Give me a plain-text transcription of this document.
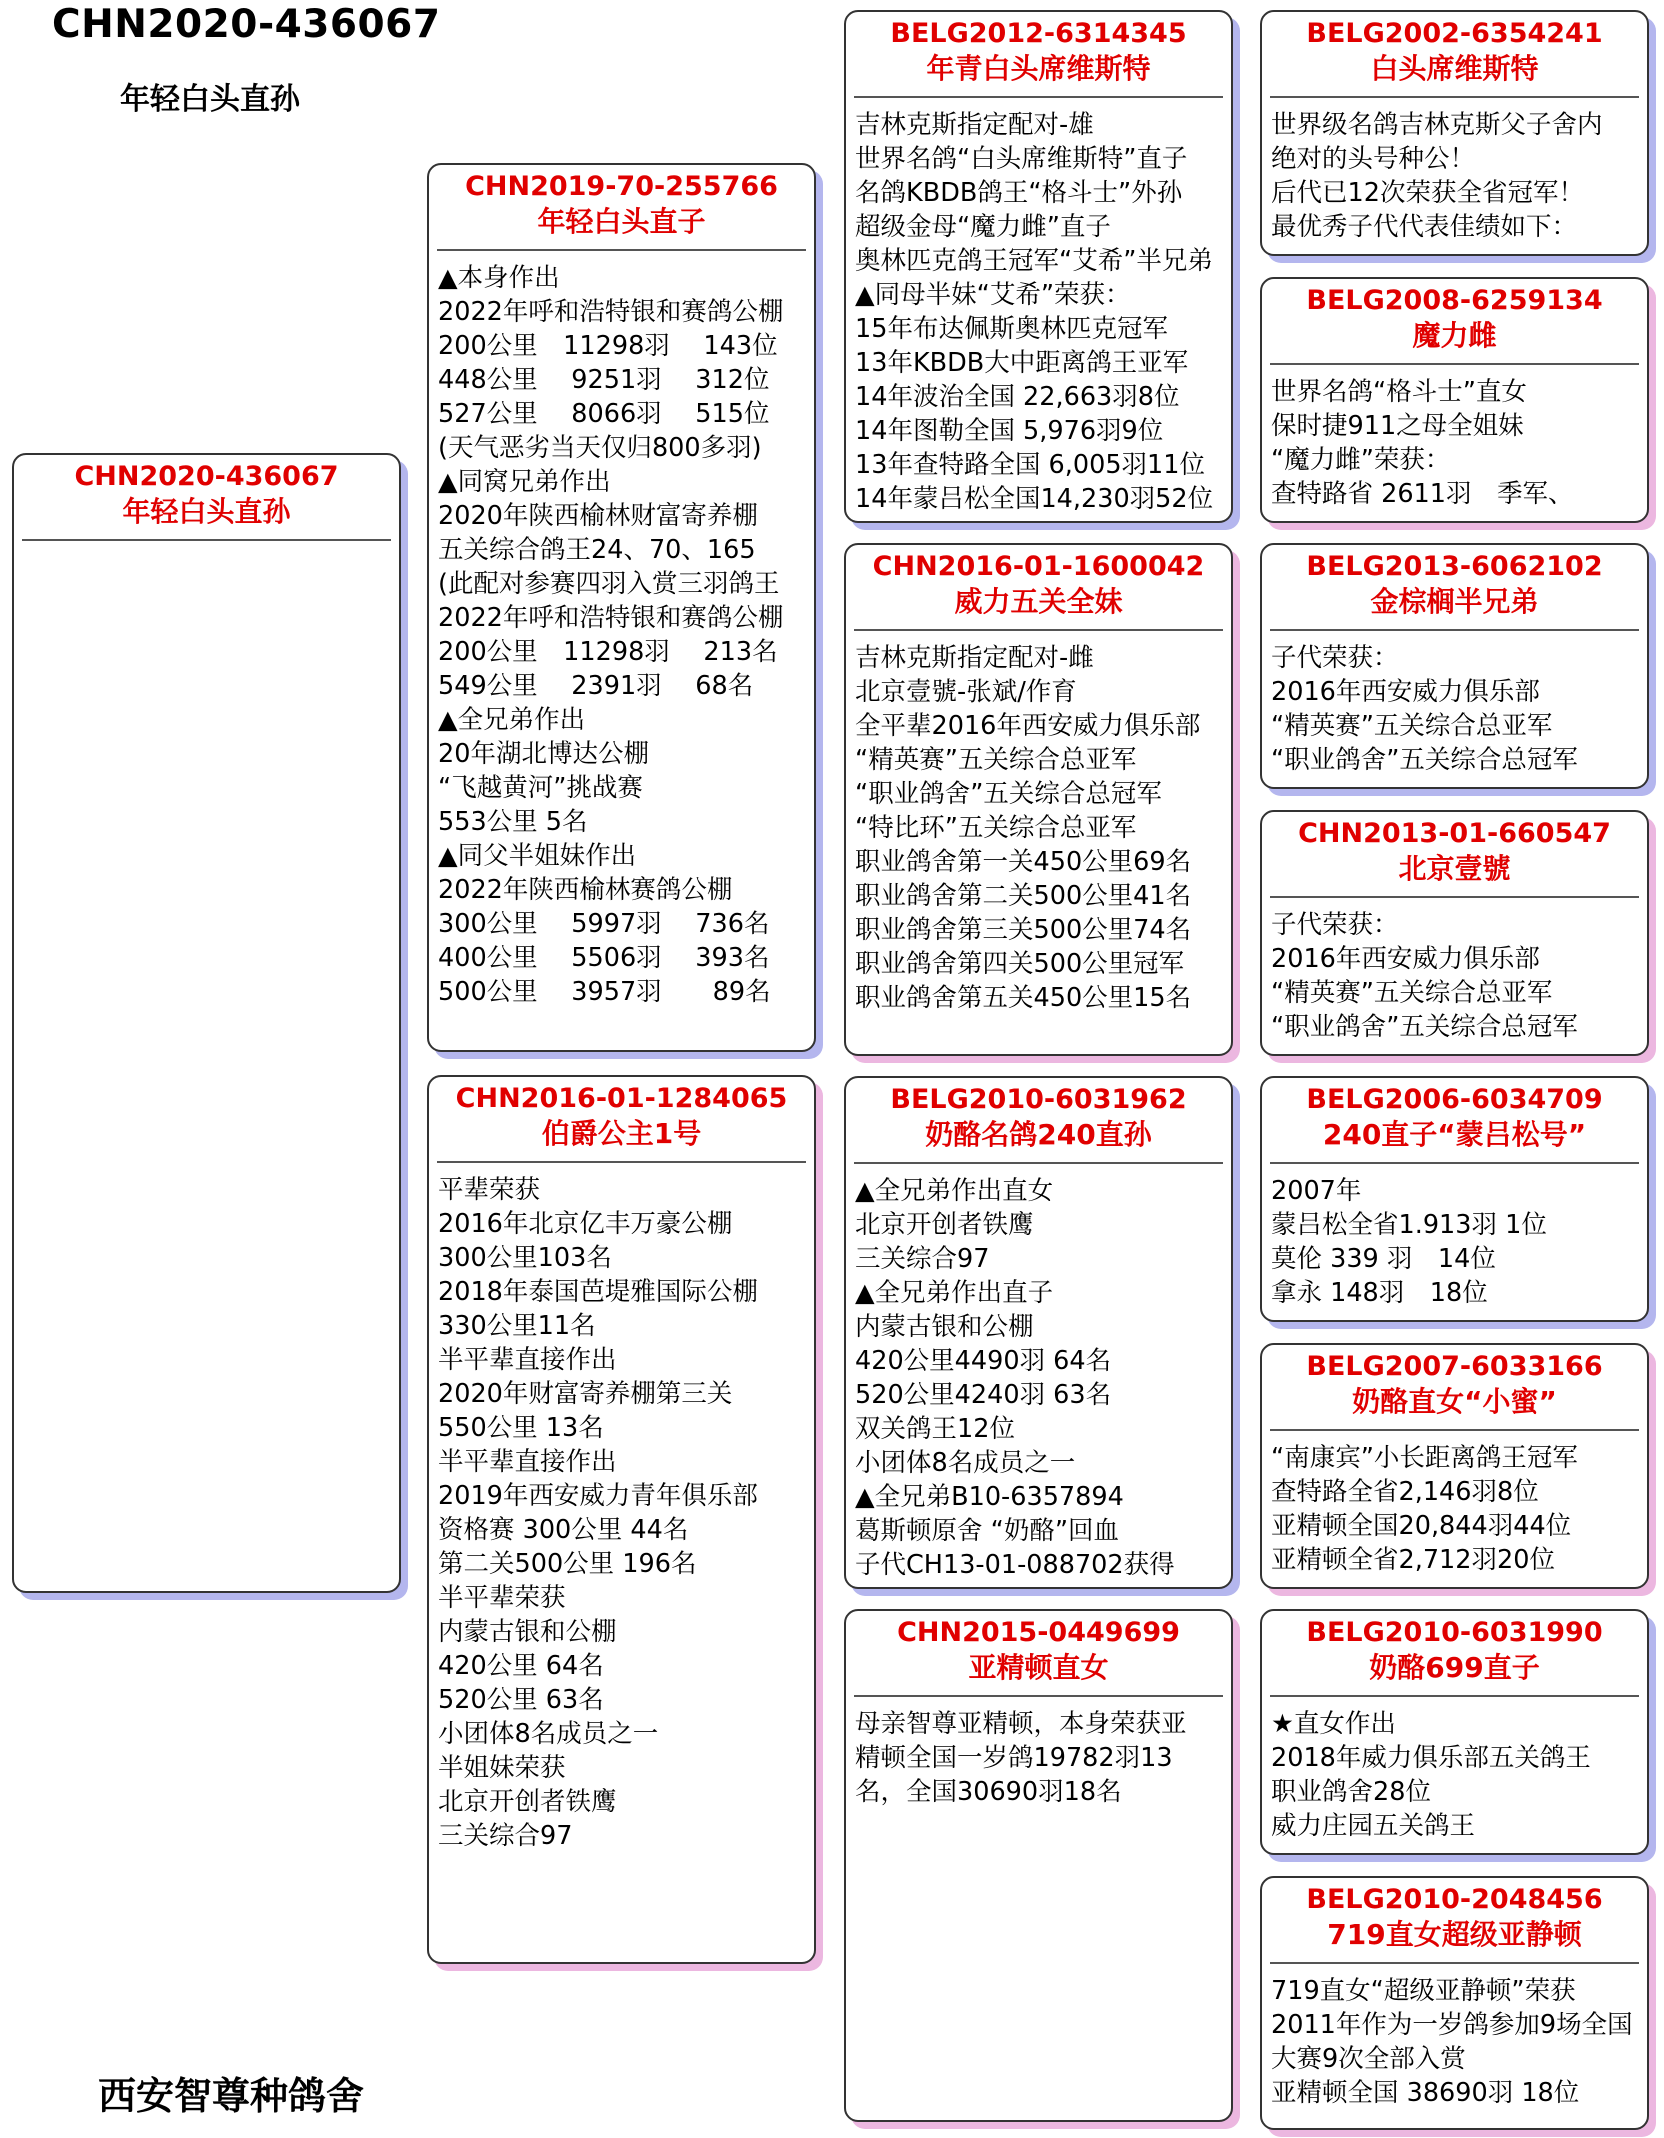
CHN2020-436067
年轻白头直孙
CHN2020-436067
年轻白头直孙
CHN2019-70-255766
年轻白头直子
▲本身作出
2022年呼和浩特银和赛鸽公棚
200公里　11298羽　 143位
448公里　 9251羽　 312位
527公里　 8066羽　 515位
(天气恶劣当天仅归800多羽)
▲同窝兄弟作出
2020年陕西榆林财富寄养棚
五关综合鸽王24、70、165
(此配对参赛四羽入赏三羽鸽王
2022年呼和浩特银和赛鸽公棚
200公里　11298羽　 213名
549公里　 2391羽　 68名
▲全兄弟作出
20年湖北博达公棚
“飞越黄河”挑战赛
553公里 5名
▲同父半姐妹作出
2022年陕西榆林赛鸽公棚
300公里　 5997羽　 736名
400公里　 5506羽　 393名
500公里　 3957羽　　89名
CHN2016-01-1284065
伯爵公主1号
平辈荣获
2016年北京亿丰万豪公棚
300公里103名
2018年泰国芭堤雅国际公棚
330公里11名
半平辈直接作出
2020年财富寄养棚第三关
550公里 13名
半平辈直接作出
2019年西安威力青年俱乐部
资格赛 300公里 44名
第二关500公里 196名
半平辈荣获
内蒙古银和公棚
420公里 64名
520公里 63名
小团体8名成员之一
半姐妹荣获
北京开创者铁鹰
三关综合97
BELG2012-6314345
年青白头席维斯特
吉林克斯指定配对-雄
世界名鸽“白头席维斯特”直子
名鸽KBDB鸽王“格斗士”外孙
超级金母“魔力雌”直子
奥林匹克鸽王冠军“艾希”半兄弟
▲同母半妹“艾希”荣获：
15年布达佩斯奥林匹克冠军
13年KBDB大中距离鸽王亚军
14年波治全国 22,663羽8位
14年图勒全国 5,976羽9位
13年查特路全国 6,005羽11位
14年蒙吕松全国14,230羽52位
CHN2016-01-1600042
威力五关全妹
吉林克斯指定配对-雌
北京壹號-张斌/作育
全平辈2016年西安威力俱乐部
“精英赛”五关综合总亚军
“职业鸽舍”五关综合总冠军
“特比环”五关综合总亚军
职业鸽舍第一关450公里69名
职业鸽舍第二关500公里41名
职业鸽舍第三关500公里74名
职业鸽舍第四关500公里冠军
职业鸽舍第五关450公里15名
BELG2010-6031962
奶酪名鸽240直孙
▲全兄弟作出直女
北京开创者铁鹰
三关综合97
▲全兄弟作出直子
内蒙古银和公棚
420公里4490羽 64名
520公里4240羽 63名
双关鸽王12位
小团体8名成员之一
▲全兄弟B10-6357894
葛斯顿原舍 “奶酪”回血
子代CH13-01-088702获得
CHN2015-0449699
亚精顿直女
母亲智尊亚精顿，本身荣获亚
精顿全国一岁鸽19782羽13
名，全国30690羽18名
BELG2002-6354241
白头席维斯特
世界级名鸽吉林克斯父子舍内
绝对的头号种公！
后代已12次荣获全省冠军！
最优秀子代代表佳绩如下：
BELG2008-6259134
魔力雌
世界名鸽“格斗士”直女
保时捷911之母全姐妹
“魔力雌”荣获：
查特路省 2611羽　季军、
BELG2013-6062102
金棕榈半兄弟
子代荣获：
2016年西安威力俱乐部
“精英赛”五关综合总亚军
“职业鸽舍”五关综合总冠军
CHN2013-01-660547
北京壹號
子代荣获：
2016年西安威力俱乐部
“精英赛”五关综合总亚军
“职业鸽舍”五关综合总冠军
BELG2006-6034709
240直子“蒙吕松号”
2007年
蒙吕松全省1.913羽 1位
莫伦 339 羽　14位
拿永 148羽　18位
BELG2007-6033166
奶酪直女“小蜜”
“南康宾”小长距离鸽王冠军
查特路全省2,146羽8位
亚精顿全国20,844羽44位
亚精顿全省2,712羽20位
BELG2010-6031990
奶酪699直子
★直女作出
2018年威力俱乐部五关鸽王
职业鸽舍28位
威力庄园五关鸽王
BELG2010-2048456
719直女超级亚静顿
719直女“超级亚静顿”荣获
2011年作为一岁鸽参加9场全国
大赛9次全部入赏
亚精顿全国 38690羽 18位
西安智尊种鸽舍
